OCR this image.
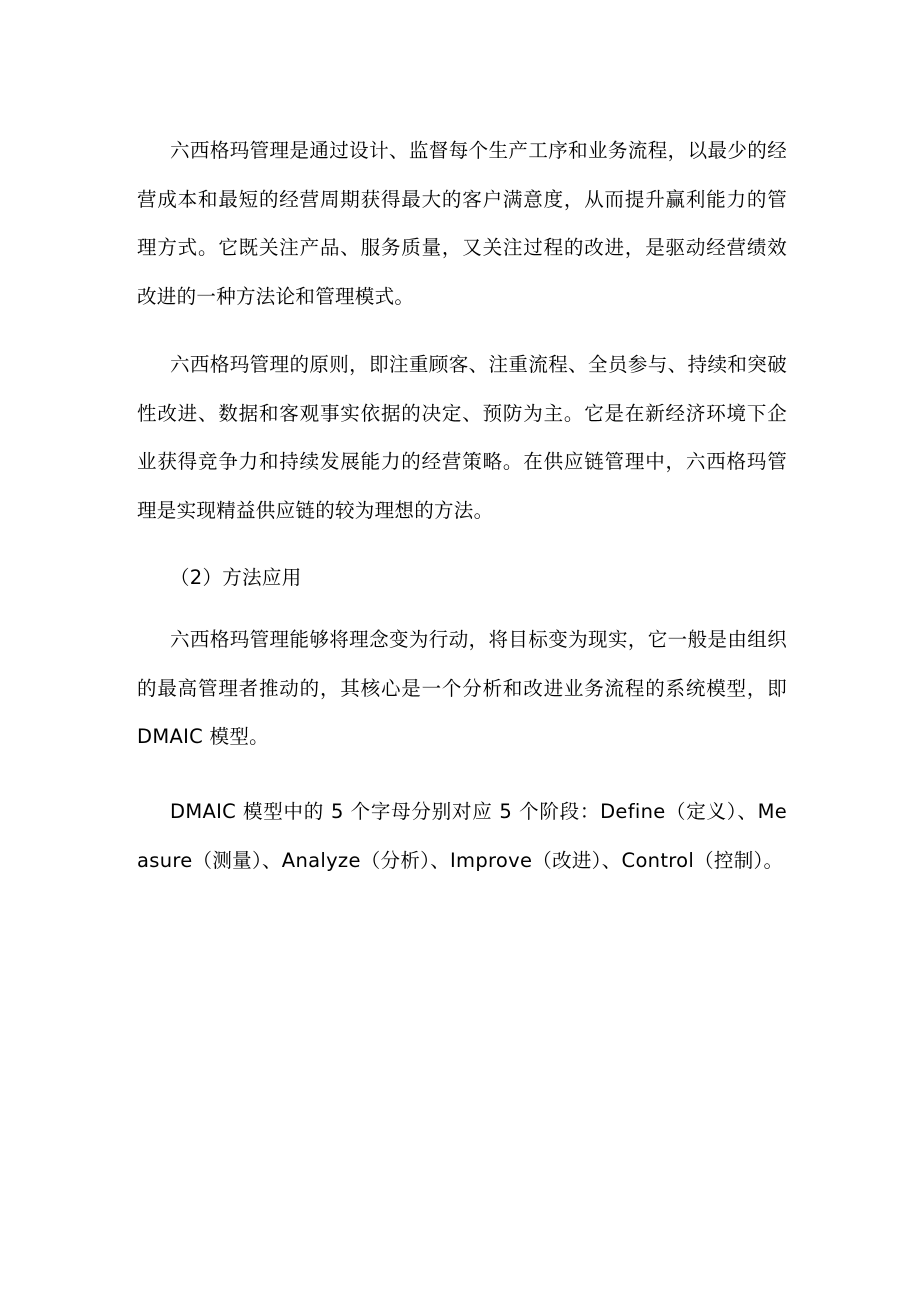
六西格玛管理是通过设计、监督每个生产工序和业务流程，以最少的经营成本和最短的经营周期获得最大的客户满意度，从而提升赢利能力的管理方式。它既关注产品、服务质量，又关注过程的改进，是驱动经营绩效改进的一种方法论和管理模式。

六西格玛管理的原则，即注重顾客、注重流程、全员参与、持续和突破性改进、数据和客观事实依据的决定、预防为主。它是在新经济环境下企业获得竞争力和持续发展能力的经营策略。在供应链管理中，六西格玛管理是实现精益供应链的较为理想的方法。

（2）方法应用

六西格玛管理能够将理念变为行动，将目标变为现实，它一般是由组织的最高管理者推动的，其核心是一个分析和改进业务流程的系统模型，即 DMAIC 模型。

DMAIC 模型中的 5 个字母分别对应 5 个阶段：Define（定义）、Measure（测量）、Analyze（分析）、Improve（改进）、Control（控制）。
